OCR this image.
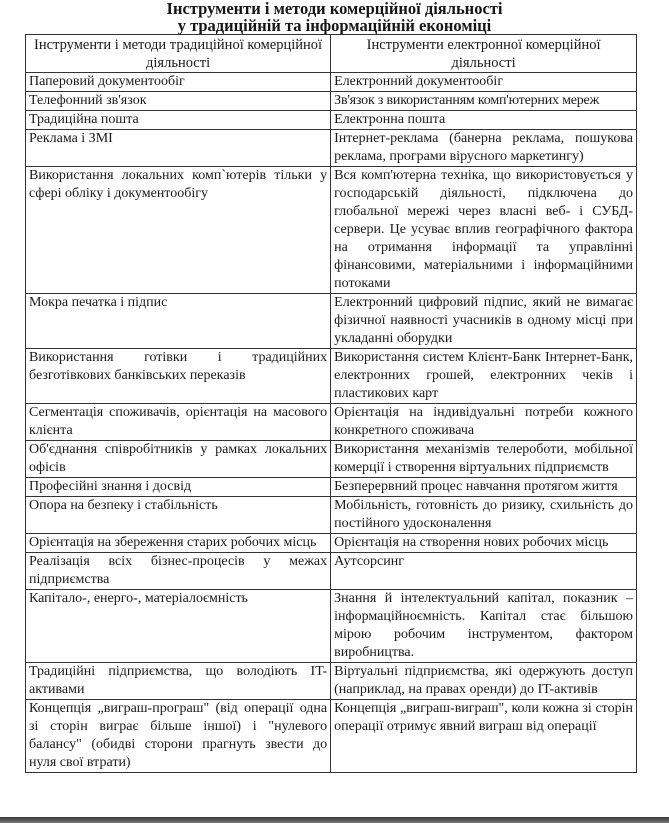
Інструменти і методи комерційної діяльності
у традиційній та інформаційній економіці
Інструменти і методи традиційної комерційної діяльності	Інструменти електронної комерційної діяльності
Паперовий документообіг	Електронний документообіг
Телефонний зв'язок	Зв'язок з використанням комп'ютерних мереж
Традиційна пошта	Електронна пошта
Реклама і ЗМІ	Інтернет-реклама (банерна реклама, пошукова реклама, програми вірусного маркетингу)
Використання локальних комп`ютерів тільки у сфері обліку і документообігу	Вся комп'ютерна техніка, що використовується у господарській діяльності, підключена до глобальної мережі через власні веб- і СУБД-сервери. Це усуває вплив географічного фактора на отримання інформації та управлінні фінансовими, матеріальними і інформаційними потоками
Мокра печатка і підпис	Електронний цифровий підпис, який не вимагає фізичної наявності учасників в одному місці при укладанні оборудки
Використання готівки і традиційних безготівкових банківських переказів	Використання систем Клієнт-Банк Інтернет-Банк, електронних грошей, електронних чеків і пластикових карт
Сегментація споживачів, орієнтація на масового клієнта	Орієнтація на індивідуальні потреби кожного конкретного споживача
Об'єднання співробітників у рамках локальних офісів	Використання механізмів телероботи, мобільної комерції і створення віртуальних підприємств
Професійні знання і досвід	Безперервний процес навчання протягом життя
Опора на безпеку і стабільність	Мобільність, готовність до ризику, схильність до постійного удосконалення
Орієнтація на збереження старих робочих місць	Орієнтація на створення нових робочих місць
Реалізація всіх бізнес-процесів у межах підприємства	Аутсорсинг
Капітало-, енерго-, матеріалоємність	Знання й інтелектуальний капітал, показник – інформаційноємність. Капітал стає більшою мірою робочим інструментом, фактором виробництва.
Традиційні підприємства, що володіють IT-активами	Віртуальні підприємства, які одержують доступ (наприклад, на правах оренди) до IT-активів
Концепція „виграш-програш" (від операції одна зі сторін виграє більше іншої) і "нулевого балансу" (обидві сторони прагнуть звести до нуля свої втрати)	Концепція „виграш-виграш", коли кожна зі сторін операції отримує явний виграш від операції
